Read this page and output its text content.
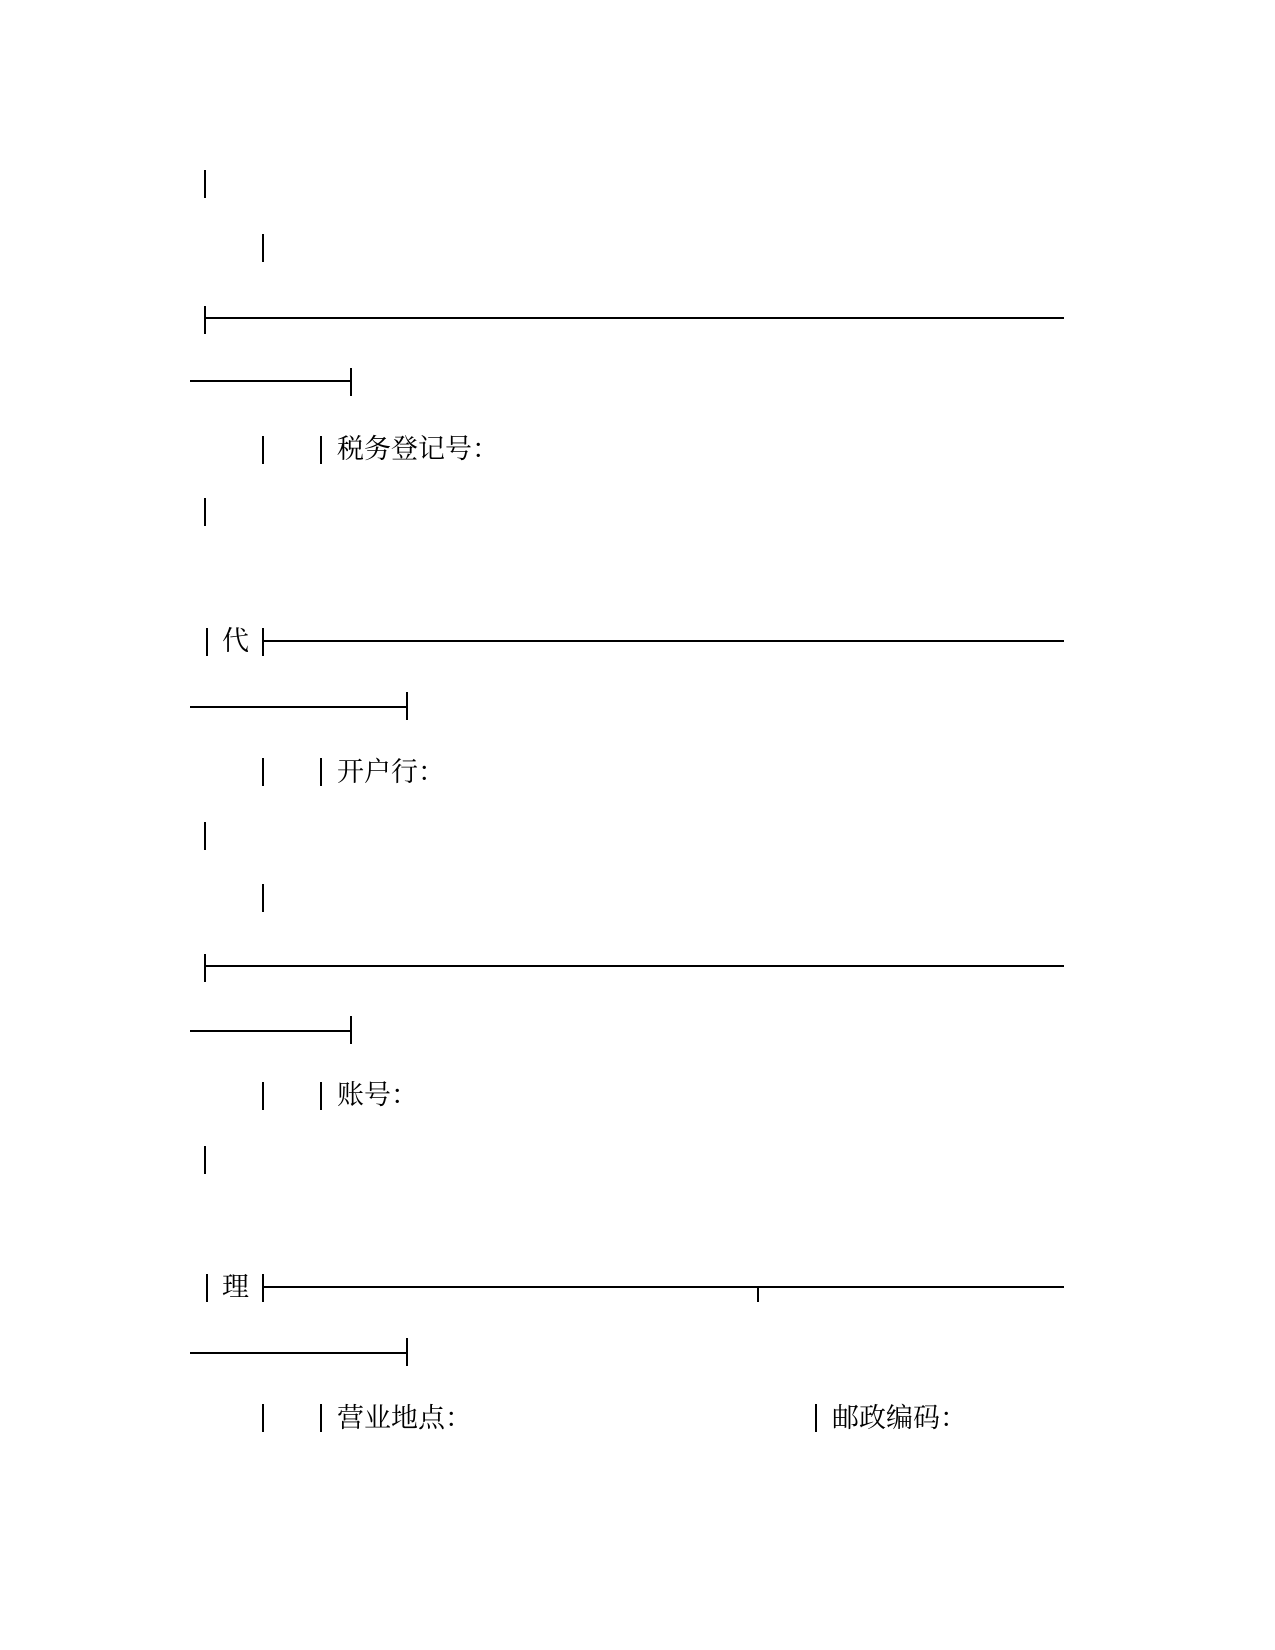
税务登记号：
代
开户行：
账号：
理
营业地点：	邮政编码：
